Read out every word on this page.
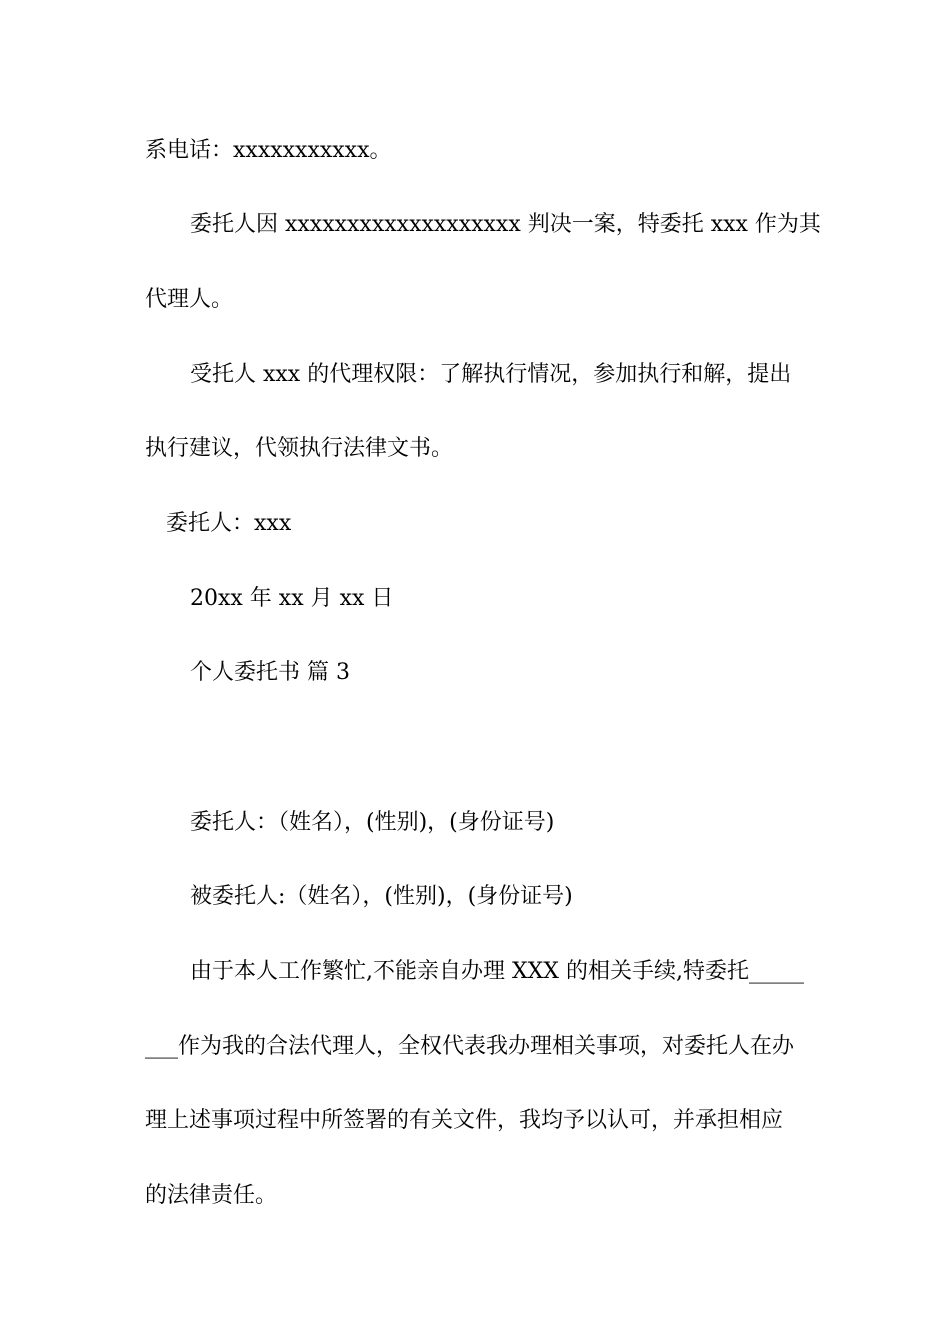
系电话：xxxxxxxxxxx。
委托人因 xxxxxxxxxxxxxxxxxxx 判决一案，特委托 xxx 作为其
代理人。
受托人 xxx 的代理权限：了解执行情况，参加执行和解，提出
执行建议，代领执行法律文书。
委托人：xxx
20xx 年 xx 月 xx 日
个人委托书 篇 3
委托人：（姓名），(性别)，(身份证号)
被委托人:（姓名），(性别)，(身份证号)
由于本人工作繁忙,不能亲自办理 XXX 的相关手续,特委托_____
___作为我的合法代理人，全权代表我办理相关事项，对委托人在办
理上述事项过程中所签署的有关文件，我均予以认可，并承担相应
的法律责任。
